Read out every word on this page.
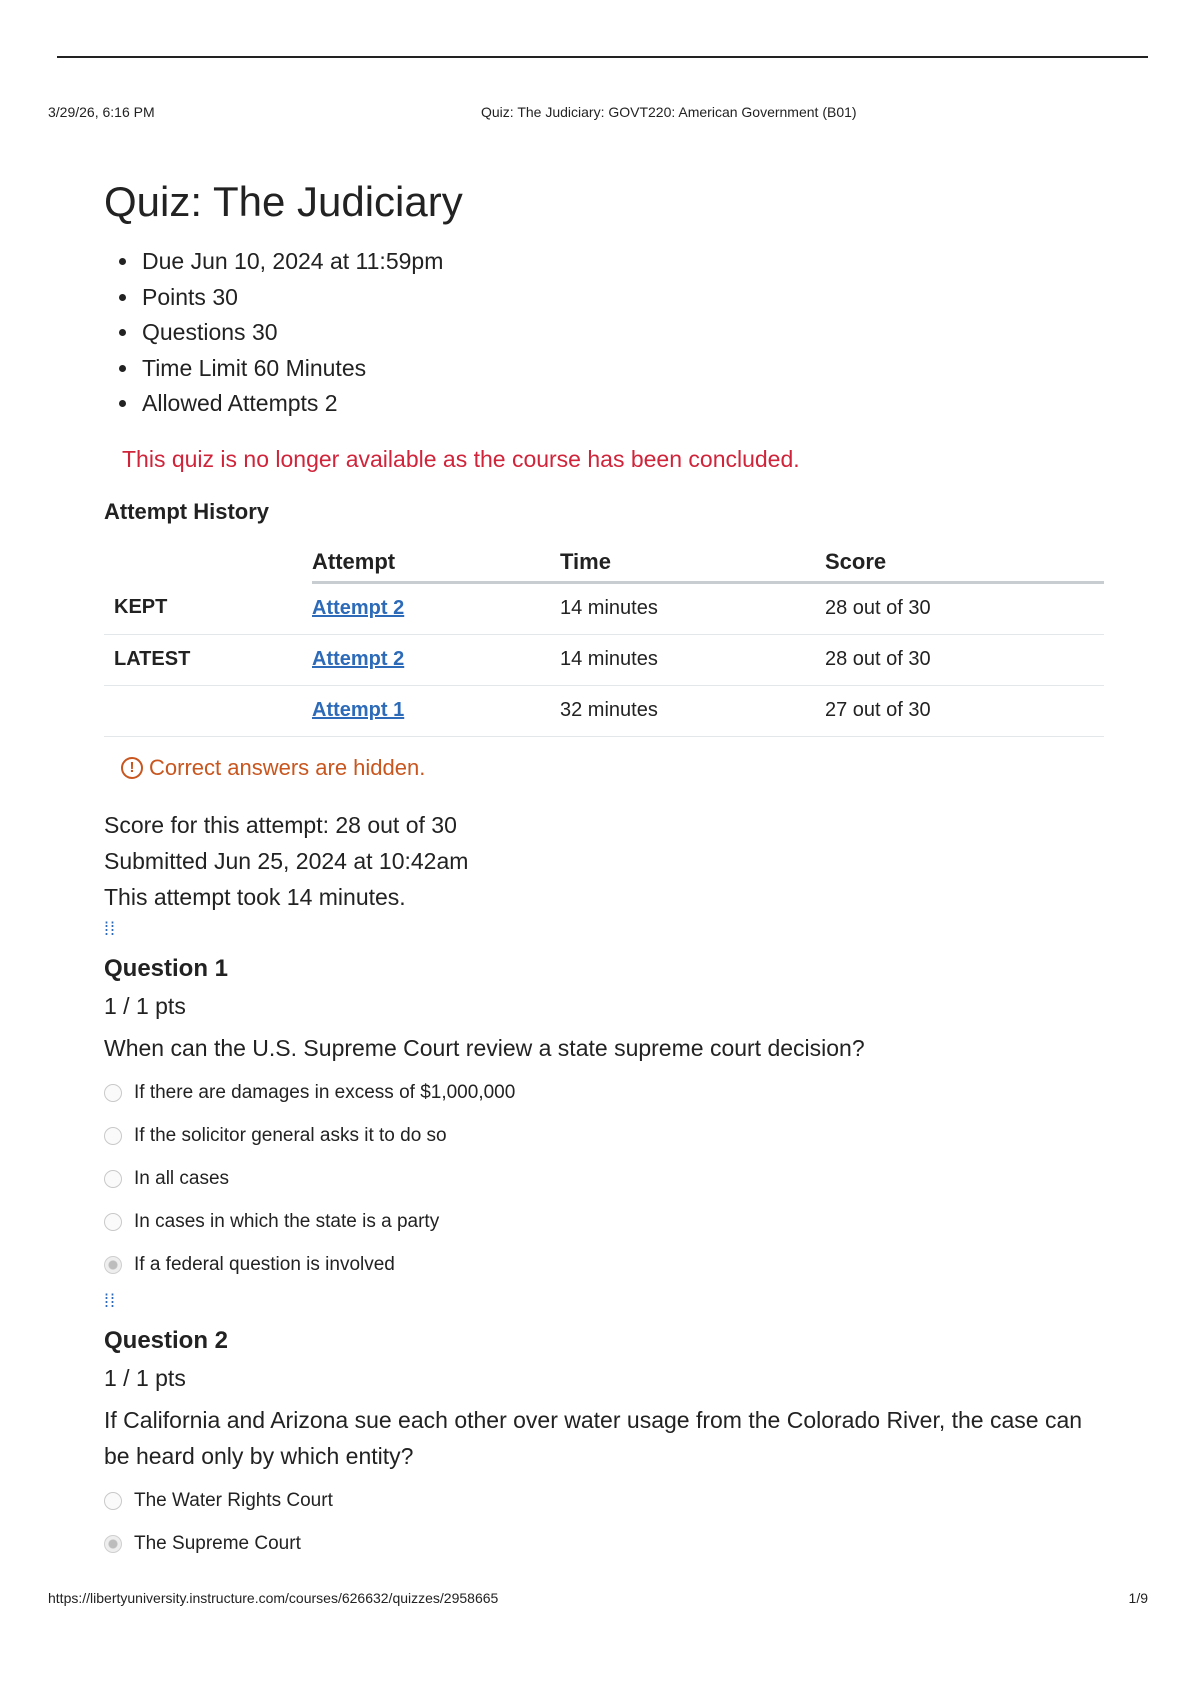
3/29/26, 6:16 PM	Quiz: The Judiciary: GOVT220: American Government (B01)
Quiz: The Judiciary
• Due Jun 10, 2024 at 11:59pm
• Points 30
• Questions 30
• Time Limit 60 Minutes
• Allowed Attempts 2
This quiz is no longer available as the course has been concluded.
Attempt History
	Attempt	Time	Score
KEPT	Attempt 2	14 minutes	28 out of 30
LATEST	Attempt 2	14 minutes	28 out of 30
	Attempt 1	32 minutes	27 out of 30
! Correct answers are hidden.
Score for this attempt: 28 out of 30
Submitted Jun 25, 2024 at 10:42am
This attempt took 14 minutes.
⁞⁞
Question 1
1 / 1 pts
When can the U.S. Supreme Court review a state supreme court decision?
If there are damages in excess of $1,000,000
If the solicitor general asks it to do so
In all cases
In cases in which the state is a party
If a federal question is involved
⁞⁞
Question 2
1 / 1 pts
If California and Arizona sue each other over water usage from the Colorado River, the case can be heard only by which entity?
The Water Rights Court
The Supreme Court
https://libertyuniversity.instructure.com/courses/626632/quizzes/2958665	1/9
